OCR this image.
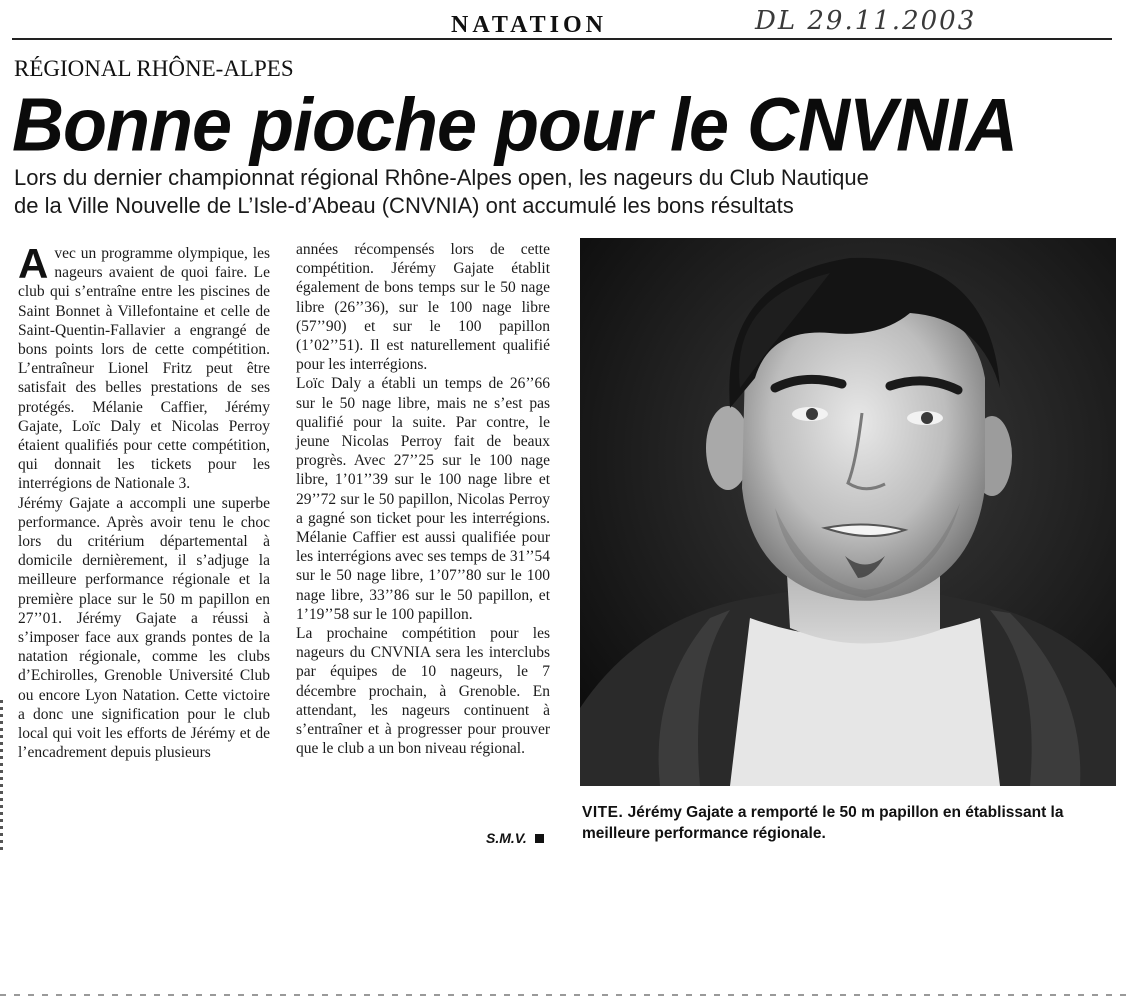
NATATION	DL 29.11.2003
RÉGIONAL RHÔNE-ALPES
Bonne pioche pour le CNVNIA
Lors du dernier championnat régional Rhône-Alpes open, les nageurs du Club Nautique
de la Ville Nouvelle de L’Isle-d’Abeau (CNVNIA) ont accumulé les bons résultats

Avec un programme olympique, les nageurs avaient de quoi faire. Le club qui s’entraîne entre les piscines de Saint Bonnet à Villefontaine et celle de Saint-Quentin-Fallavier a engrangé de bons points lors de cette compétition. L’entraîneur Lionel Fritz peut être satisfait des belles prestations de ses protégés. Mélanie Caffier, Jérémy Gajate, Loïc Daly et Nicolas Perroy étaient qualifiés pour cette compétition, qui donnait les tickets pour les interrégions de Nationale 3.

Jérémy Gajate a accompli une superbe performance. Après avoir tenu le choc lors du critérium départemental à domicile dernièrement, il s’adjuge la meilleure performance régionale et la première place sur le 50 m papillon en 27’’01. Jérémy Gajate a réussi à s’imposer face aux grands pontes de la natation régionale, comme les clubs d’Echirolles, Grenoble Université Club ou encore Lyon Natation. Cette victoire a donc une signification pour le club local qui voit les efforts de Jérémy et de l’encadrement depuis plusieurs

années récompensés lors de cette compétition. Jérémy Gajate établit également de bons temps sur le 50 nage libre (26’’36), sur le 100 nage libre (57’’90) et sur le 100 papillon (1’02’’51). Il est naturellement qualifié pour les interrégions.

Loïc Daly a établi un temps de 26’’66 sur le 50 nage libre, mais ne s’est pas qualifié pour la suite. Par contre, le jeune Nicolas Perroy fait de beaux progrès. Avec 27’’25 sur le 100 nage libre, 1’01’’39 sur le 100 nage libre et 29’’72 sur le 50 papillon, Nicolas Perroy a gagné son ticket pour les interrégions. Mélanie Caffier est aussi qualifiée pour les interrégions avec ses temps de 31’’54 sur le 50 nage libre, 1’07’’80 sur le 100 nage libre, 33’’86 sur le 50 papillon, et 1’19’’58 sur le 100 papillon.

La prochaine compétition pour les nageurs du CNVNIA sera les interclubs par équipes de 10 nageurs, le 7 décembre prochain, à Grenoble. En attendant, les nageurs continuent à s’entraîner et à progresser pour prouver que le club a un bon niveau régional.

S.M.V.
VITE. Jérémy Gajate a remporté le 50 m papillon en établissant la meilleure performance régionale.
